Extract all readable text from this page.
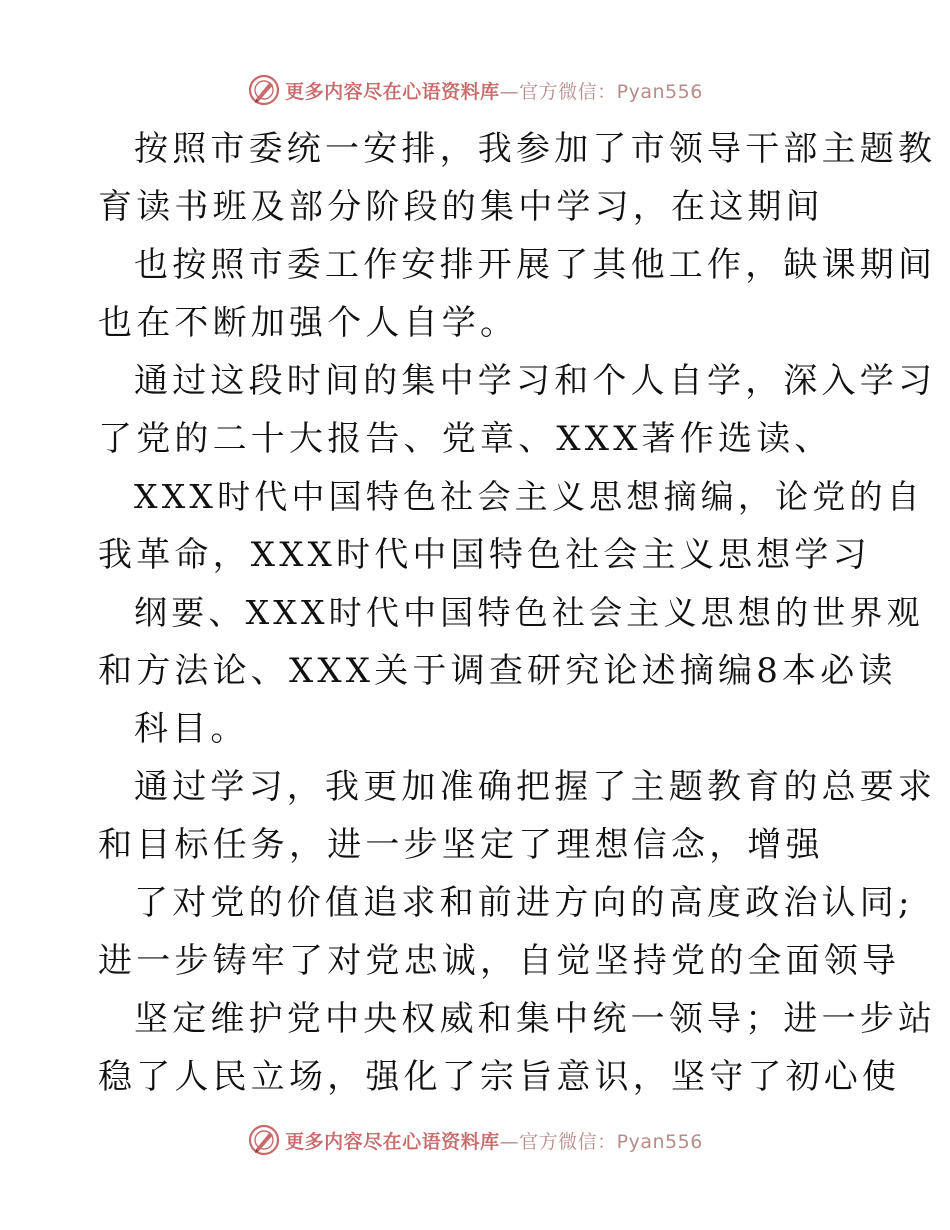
更多内容尽在心语资料库 —官方微信：Pyan556
按照市委统一安排，我参加了市领导干部主题教
育读书班及部分阶段的集中学习，在这期间
也按照市委工作安排开展了其他工作，缺课期间
也在不断加强个人自学。
通过这段时间的集中学习和个人自学，深入学习
了党的二十大报告、党章、XXX著作选读、
XXX时代中国特色社会主义思想摘编，论党的自
我革命，XXX时代中国特色社会主义思想学习
纲要、XXX时代中国特色社会主义思想的世界观
和方法论、XXX关于调查研究论述摘编8本必读
科目。
通过学习，我更加准确把握了主题教育的总要求
和目标任务，进一步坚定了理想信念，增强
了对党的价值追求和前进方向的高度政治认同;
进一步铸牢了对党忠诚，自觉坚持党的全面领导
坚定维护党中央权威和集中统一领导；进一步站
稳了人民立场，强化了宗旨意识，坚守了初心使
更多内容尽在心语资料库 —官方微信：Pyan556
